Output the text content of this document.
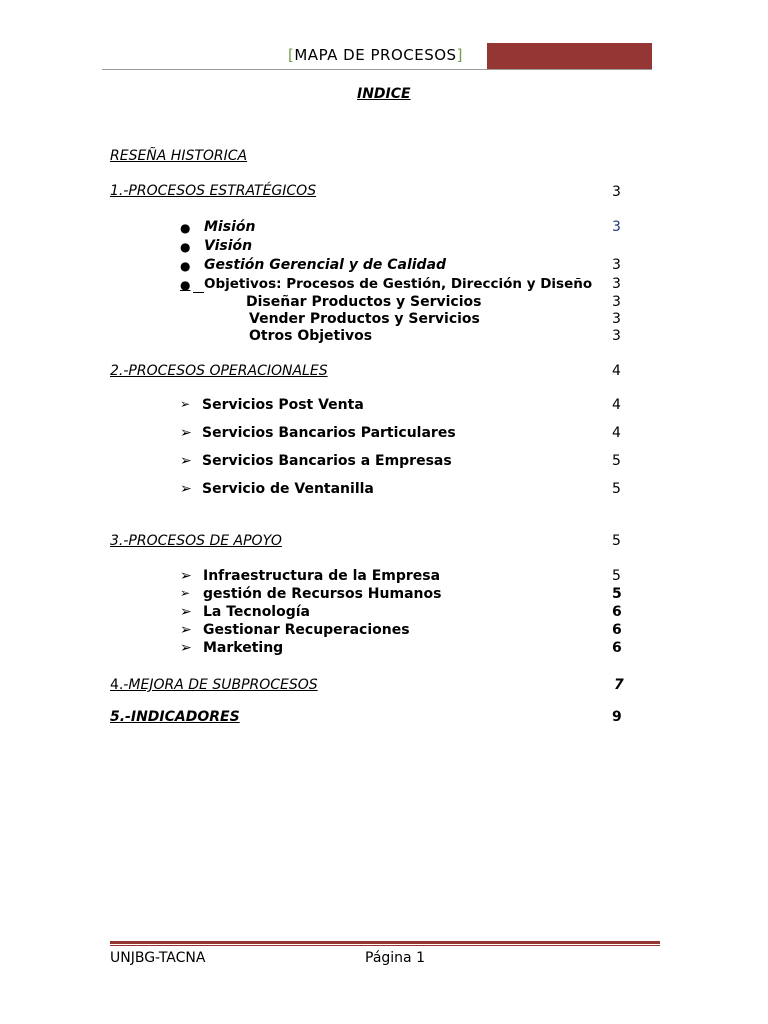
[MAPA DE PROCESOS]
INDICE
RESEÑA HISTORICA
1.-PROCESOS ESTRATÉGICOS	3
● Misión	3
● Visión
● Gestión Gerencial y de Calidad	3
● Objetivos: Procesos de Gestión, Dirección y Diseño 3
Diseñar Productos y Servicios	3
Vender Productos y Servicios	3
Otros Objetivos	3
2.-PROCESOS OPERACIONALES	4
➢ Servicios Post Venta	4
➢ Servicios Bancarios Particulares	4
➢ Servicios Bancarios a Empresas	5
➢ Servicio de Ventanilla	5
3.-PROCESOS DE APOYO	5
➢ Infraestructura de la Empresa	5
➢ gestión de Recursos Humanos	5
➢ La Tecnología	6
➢ Gestionar Recuperaciones	6
➢ Marketing	6
4.-MEJORA DE SUBPROCESOS	7
5.-INDICADORES	9
UNJBG-TACNA	Página 1
